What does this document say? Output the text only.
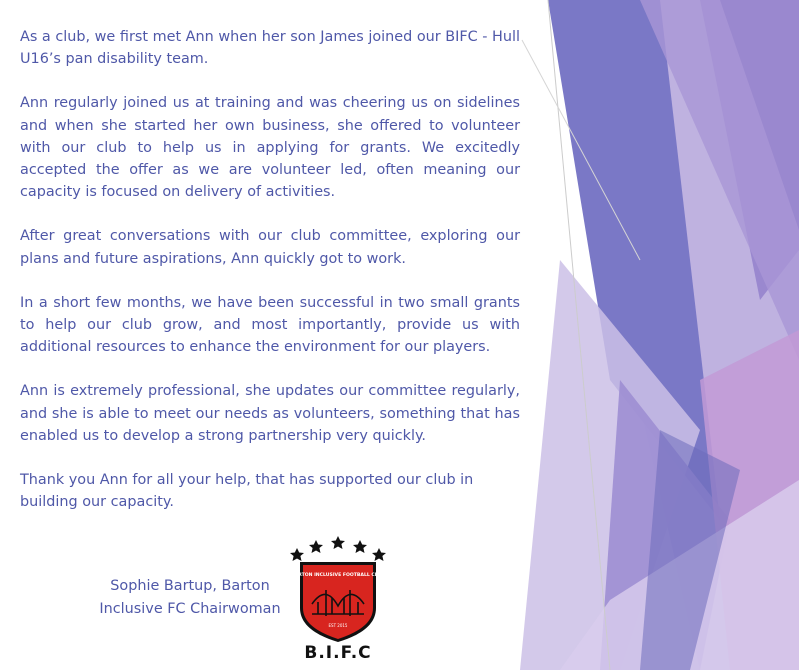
As a club, we first met Ann when her son James joined our BIFC - Hull U16’s pan disability team.

Ann regularly joined us at training and was cheering us on sidelines and when she started her own business, she offered to volunteer with our club to help us in applying for grants. We excitedly accepted the offer as we are volunteer led, often meaning our capacity is focused on delivery of activities.

After great conversations with our club committee, exploring our plans and future aspirations, Ann quickly got to work.

In a short few months, we have been successful in two small grants to help our club grow, and most importantly, provide us with additional resources to enhance the environment for our players.

Ann is extremely professional, she updates our committee regularly, and she is able to meet our needs as volunteers, something that has enabled us to develop a strong partnership very quickly.

Thank you Ann for all your help, that has supported our club in building our capacity.

Sophie Bartup, Barton
Inclusive FC Chairwoman
BARTON INCLUSIVE FOOTBALL CLUB
EST 2015
B.I.F.C
